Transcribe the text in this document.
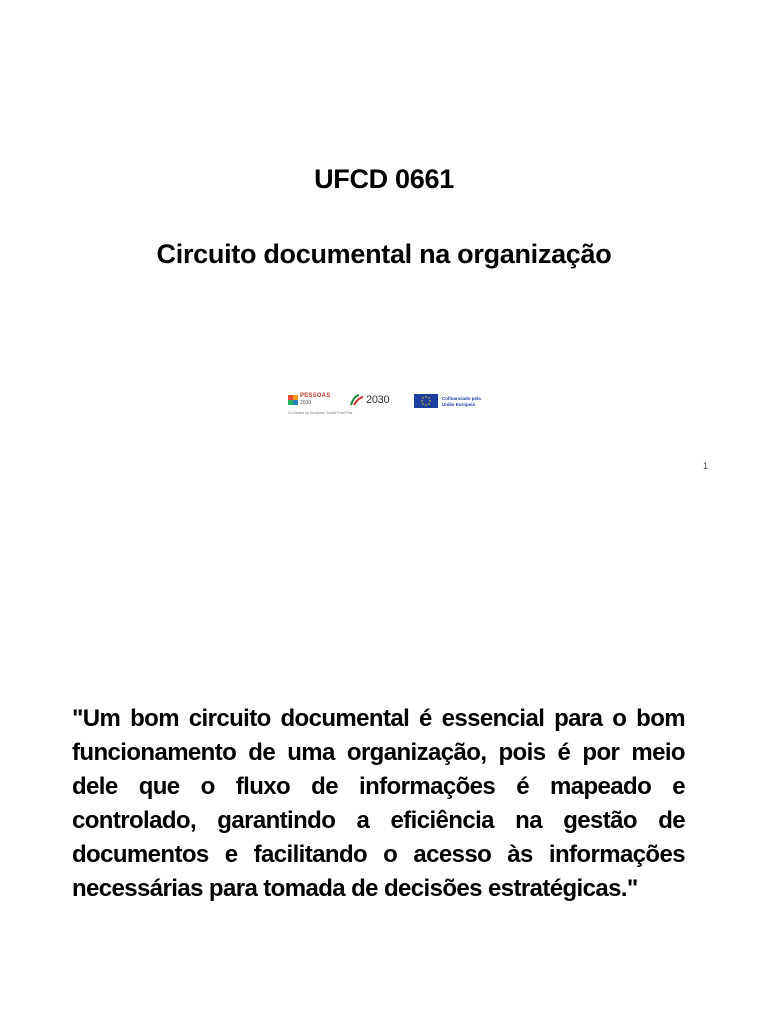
UFCD 0661
Circuito documental na organização
PESSOAS
2030	2030	Cofinanciado pela
União Europeia
Co-funded by European Social Fund Plus
1
"Um bom circuito documental é essencial para o bom funcionamento de uma organização, pois é por meio dele que o fluxo de informações é mapeado e controlado, garantindo a eficiência na gestão de documentos e facilitando o acesso às informações necessárias para tomada de decisões estratégicas."
